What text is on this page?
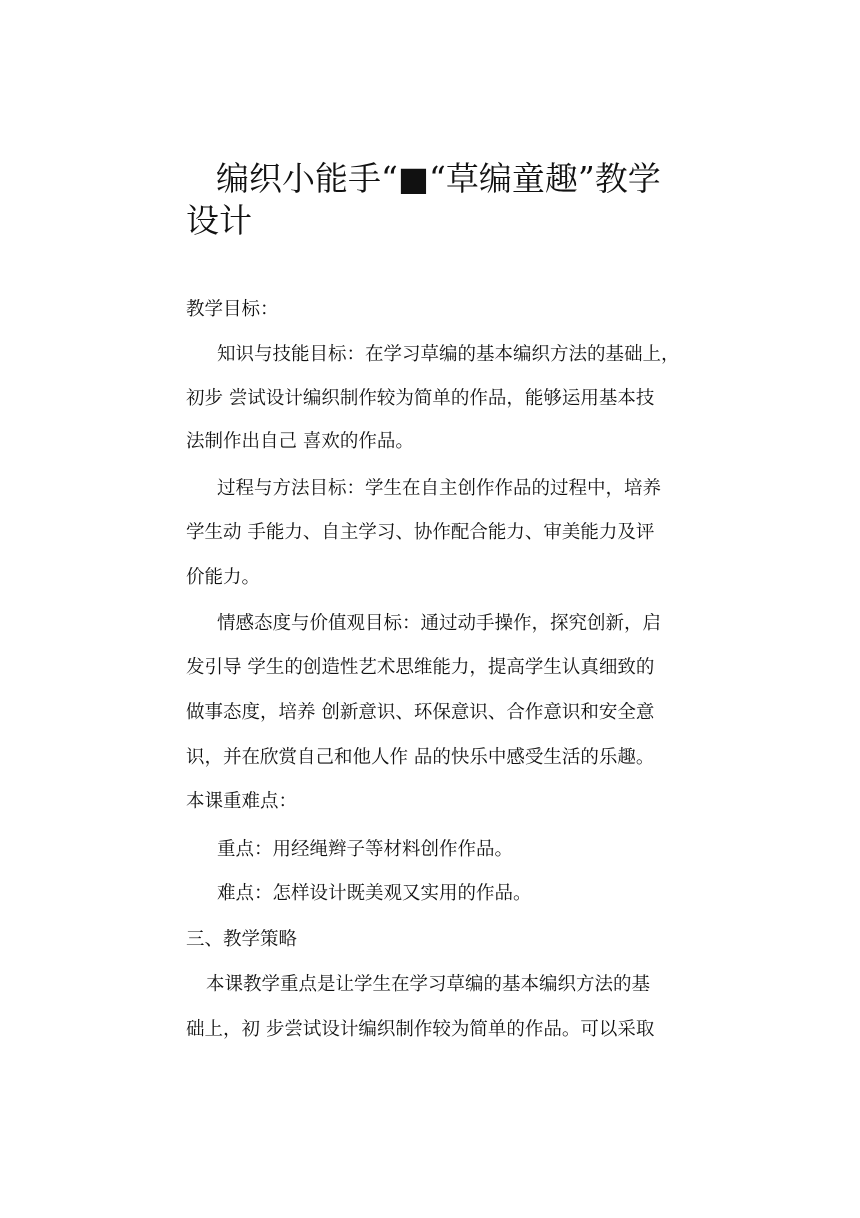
编织小能手“■“草编童趣”教学
设计
教学目标：
知识与技能目标：在学习草编的基本编织方法的基础上，
初步 尝试设计编织制作较为简单的作品，能够运用基本技
法制作出自己 喜欢的作品。
过程与方法目标：学生在自主创作作品的过程中，培养
学生动 手能力、自主学习、协作配合能力、审美能力及评
价能力。
情感态度与价值观目标：通过动手操作，探究创新，启
发引导 学生的创造性艺术思维能力，提高学生认真细致的
做事态度，培养 创新意识、环保意识、合作意识和安全意
识，并在欣赏自己和他人作 品的快乐中感受生活的乐趣。
本课重难点：
重点：用经绳辫子等材料创作作品。
难点：怎样设计既美观又实用的作品。
三、教学策略
本课教学重点是让学生在学习草编的基本编织方法的基
础上，初 步尝试设计编织制作较为简单的作品。可以采取
